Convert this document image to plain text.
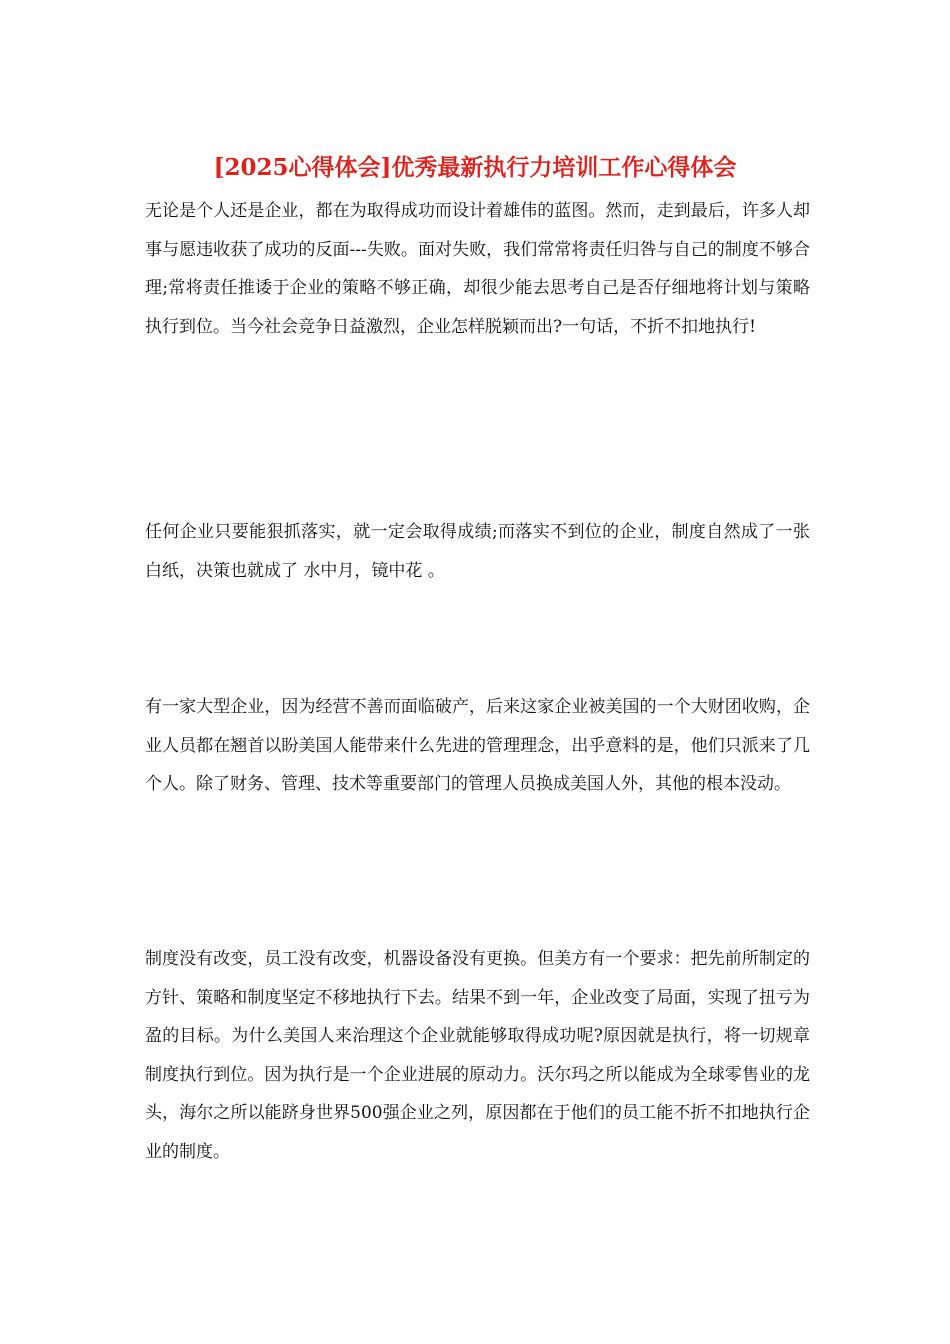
[2025心得体会]优秀最新执行力培训工作心得体会

无论是个人还是企业，都在为取得成功而设计着雄伟的蓝图。然而，走到最后，许多人却事与愿违收获了成功的反面---失败。面对失败，我们常常将责任归咎与自己的制度不够合理;常将责任推诿于企业的策略不够正确，却很少能去思考自己是否仔细地将计划与策略执行到位。当今社会竞争日益激烈，企业怎样脱颖而出?一句话，不折不扣地执行!

任何企业只要能狠抓落实，就一定会取得成绩;而落实不到位的企业，制度自然成了一张白纸，决策也就成了 水中月，镜中花 。

有一家大型企业，因为经营不善而面临破产，后来这家企业被美国的一个大财团收购，企业人员都在翘首以盼美国人能带来什么先进的管理理念，出乎意料的是，他们只派来了几个人。除了财务、管理、技术等重要部门的管理人员换成美国人外，其他的根本没动。

制度没有改变，员工没有改变，机器设备没有更换。但美方有一个要求：把先前所制定的方针、策略和制度坚定不移地执行下去。结果不到一年，企业改变了局面，实现了扭亏为盈的目标。为什么美国人来治理这个企业就能够取得成功呢?原因就是执行，将一切规章制度执行到位。因为执行是一个企业进展的原动力。沃尔玛之所以能成为全球零售业的龙头，海尔之所以能跻身世界500强企业之列，原因都在于他们的员工能不折不扣地执行企业的制度。
